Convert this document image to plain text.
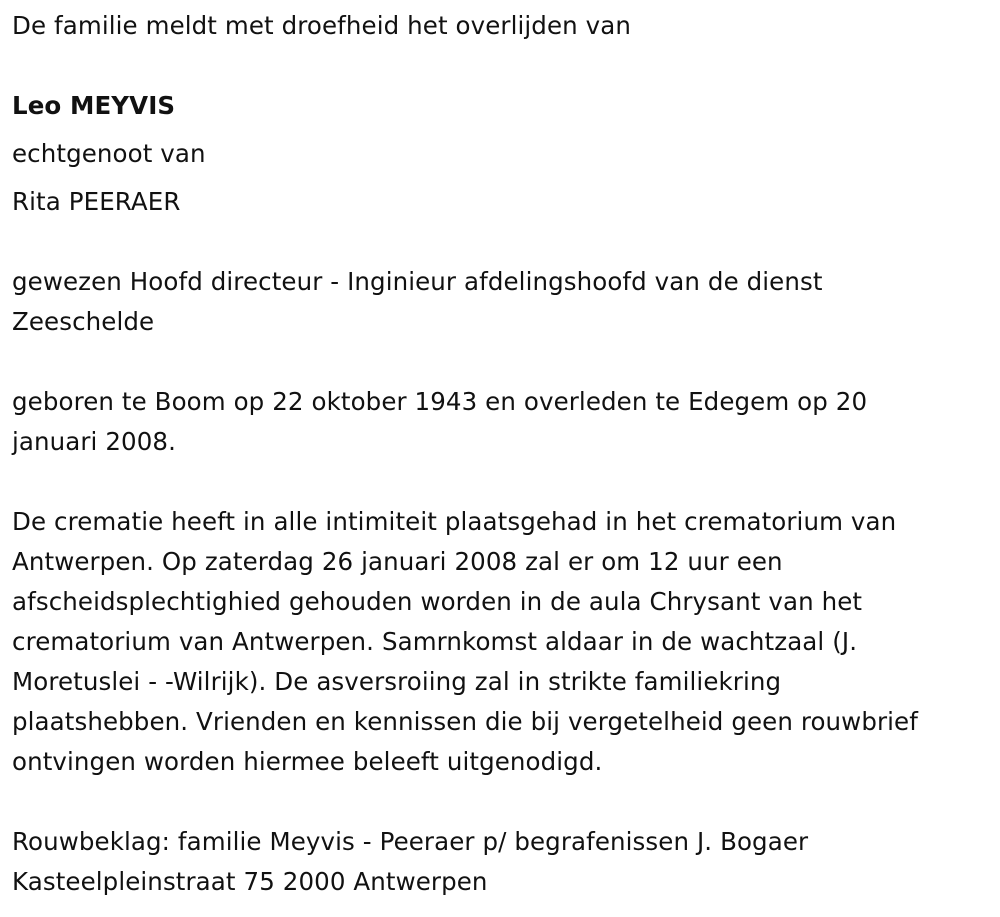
De familie meldt met droefheid het overlijden van
Leo MEYVIS
echtgenoot van
Rita PEERAER
gewezen Hoofd directeur - Inginieur afdelingshoofd van de dienst
Zeeschelde
geboren te Boom op 22 oktober 1943 en overleden te Edegem op 20
januari 2008.
De crematie heeft in alle intimiteit plaatsgehad in het crematorium van
Antwerpen. Op zaterdag 26 januari 2008 zal er om 12 uur een
afscheidsplechtighied gehouden worden in de aula Chrysant van het
crematorium van Antwerpen. Samrnkomst aldaar in de wachtzaal (J.
Moretuslei - -Wilrijk). De asversroiing zal in strikte familiekring
plaatshebben. Vrienden en kennissen die bij vergetelheid geen rouwbrief
ontvingen worden hiermee beleeft uitgenodigd.
Rouwbeklag: familie Meyvis - Peeraer p/ begrafenissen J. Bogaer
Kasteelpleinstraat 75 2000 Antwerpen
